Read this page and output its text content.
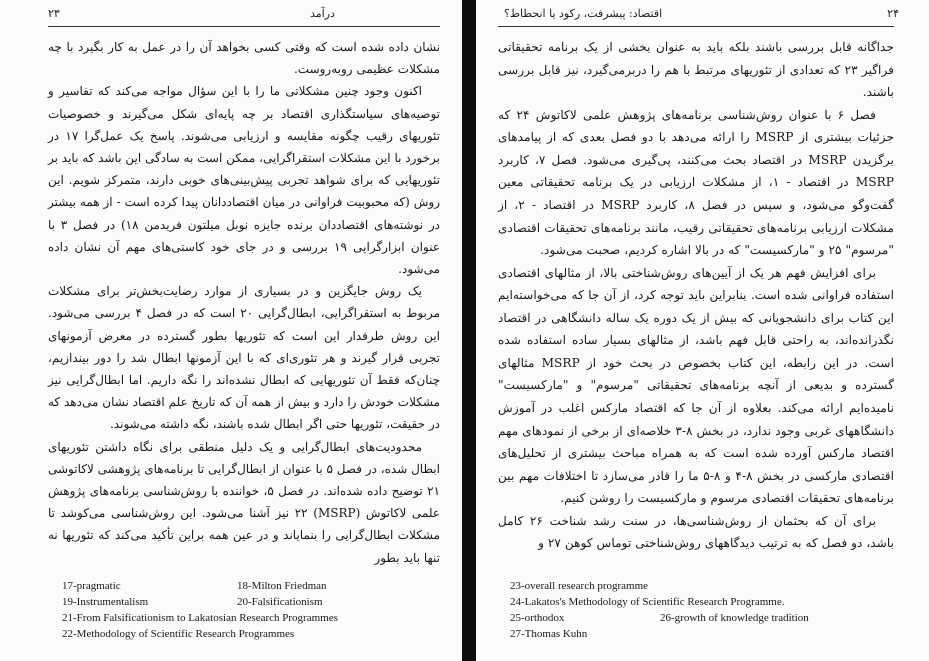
۲۳	درآمد

نشان داده شده است که وقتی کسی بخواهد آن را در عمل به کار بگیرد با چه مشکلات عظیمی روبه‌روست.

اکنون وجود چنین مشکلاتی ما را با این سؤال مواجه می‌کند که تفاسیر و توصیه‌های سیاستگذاری اقتصاد بر چه پایه‌ای شکل می‌گیرند و خصوصیات تئوریهای رقیب چگونه مقایسه و ارزیابی می‌شوند. پاسخ یک عمل‌گرا ۱۷ در برخورد با این مشکلات استقراگرایی، ممکن است به سادگی این باشد که باید بر تئوریهایی که برای شواهد تجربی پیش‌بینی‌های خوبی دارند، متمرکز شویم. این روش (که محبوبیت فراوانی در میان اقتصاددانان پیدا کرده است - از همه بیشتر در نوشته‌های اقتصاددان برنده جایزه نوبل میلتون فریدمن ۱۸) در فصل ۳ با عنوان ابزارگرایی ۱۹ بررسی و در جای خود کاستی‌های مهم آن نشان داده می‌شود.

یک روش جایگزین و در بسیاری از موارد رضایت‌بخش‌تر برای مشکلات مربوط به استقراگرایی، ابطال‌گرایی ۲۰ است که در فصل ۴ بررسی می‌شود. این روش طرفدار این است که تئوریها بطور گسترده در معرض آزمونهای تجربی قرار گیرند و هر تئوری‌ای که با این آزمونها ابطال شد را دور بیندازیم، چنان‌که فقط آن تئوریهایی که ابطال نشده‌اند را نگه داریم. اما ابطال‌گرایی نیز مشکلات خودش را دارد و بیش از همه آن که تاریخ علم اقتصاد نشان می‌دهد که در حقیقت، تئوریها حتی اگر ابطال شده باشند، نگه داشته می‌شوند.

محدودیت‌های ابطال‌گرایی و یک دلیل منطقی برای نگاه داشتن تئوریهای ابطال شده، در فصل ۵ با عنوان از ابطال‌گرایی تا برنامه‌های پژوهشی لاکاتوشی ۲۱ توضیح داده شده‌اند. در فصل ۵، خواننده با روش‌شناسی برنامه‌های پژوهش علمی لاکاتوش (MSRP) ۲۲ نیز آشنا می‌شود. این روش‌شناسی می‌کوشد تا مشکلات ابطال‌گرایی را بنمایاند و در عین همه براین تأکید می‌کند که تئوریها نه تنها باید بطور

17-pragmatic	18-Milton Friedman
19-Instrumentalism	20-Falsificationism
21-From Falsificationism to Lakatosian Research Programmes
22-Methodology of Scientific Research Programmes
۲۴
اقتصاد: پیشرفت، رکود یا انحطاط؟

جداگانه قابل بررسی باشند بلکه باید به عنوان بخشی از یک برنامه تحقیقاتی فراگیر ۲۳ که تعدادی از تئوریهای مرتبط با هم را دربرمی‌گیرد، نیز قابل بررسی باشند.

فصل ۶ با عنوان روش‌شناسی برنامه‌های پژوهش علمی لاکاتوش ۲۴ که جزئیات بیشتری از MSRP را ارائه می‌دهد با دو فصل بعدی که از پیامدهای برگزیدن MSRP در اقتصاد بحث می‌کنند، پی‌گیری می‌شود. فصل ۷، کاربرد MSRP در اقتصاد - ۱، از مشکلات ارزیابی در یک برنامه تحقیقاتی معین گفت‌وگو می‌شود، و سپس در فصل ۸، کاربرد MSRP در اقتصاد - ۲، از مشکلات ارزیابی برنامه‌های تحقیقاتی رقیب، مانند برنامه‌های تحقیقات اقتصادی "مرسوم" ۲۵ و "مارکسیست" که در بالا اشاره کردیم، صحبت می‌شود.

برای افزایش فهم هر یک از آیین‌های روش‌شناختی بالا، از مثالهای اقتصادی استفاده فراوانی شده است. بنابراین باید توجه کرد، از آن جا که می‌خواسته‌ایم این کتاب برای دانشجویانی که بیش از یک دوره یک ساله دانشگاهی در اقتصاد نگذرانده‌اند، به راحتی قابل فهم باشد، از مثالهای بسیار ساده استفاده شده است. در این رابطه، این کتاب بخصوص در بحث خود از MSRP مثالهای گسترده و بدیعی از آنچه برنامه‌های تحقیقاتی "مرسوم" و "مارکسیست" نامیده‌ایم ارائه می‌کند. بعلاوه از آن جا که اقتصاد مارکس اغلب در آموزش دانشگاههای غربی وجود ندارد، در بخش ۸-۳ خلاصه‌ای از برخی از نمودهای مهم اقتصاد مارکس آورده شده است که به همراه مباحث بیشتری از تحلیل‌های اقتصادی مارکسی در بخش ۸-۴ و ۸-۵ ما را قادر می‌سازد تا اختلافات مهم بین برنامه‌های تحقیقات اقتصادی مرسوم و مارکسیست را روشن کنیم.

برای آن که بحثمان از روش‌شناسی‌ها، در سنت رشد شناخت ۲۶ کامل باشد، دو فصل که به ترتیب دیدگاههای روش‌شناختی توماس کوهن ۲۷ و

23-overall research programme
24-Lakatos's Methodology of Scientific Research Programme.
25-orthodox	26-growth of knowledge tradition
27-Thomas Kuhn
